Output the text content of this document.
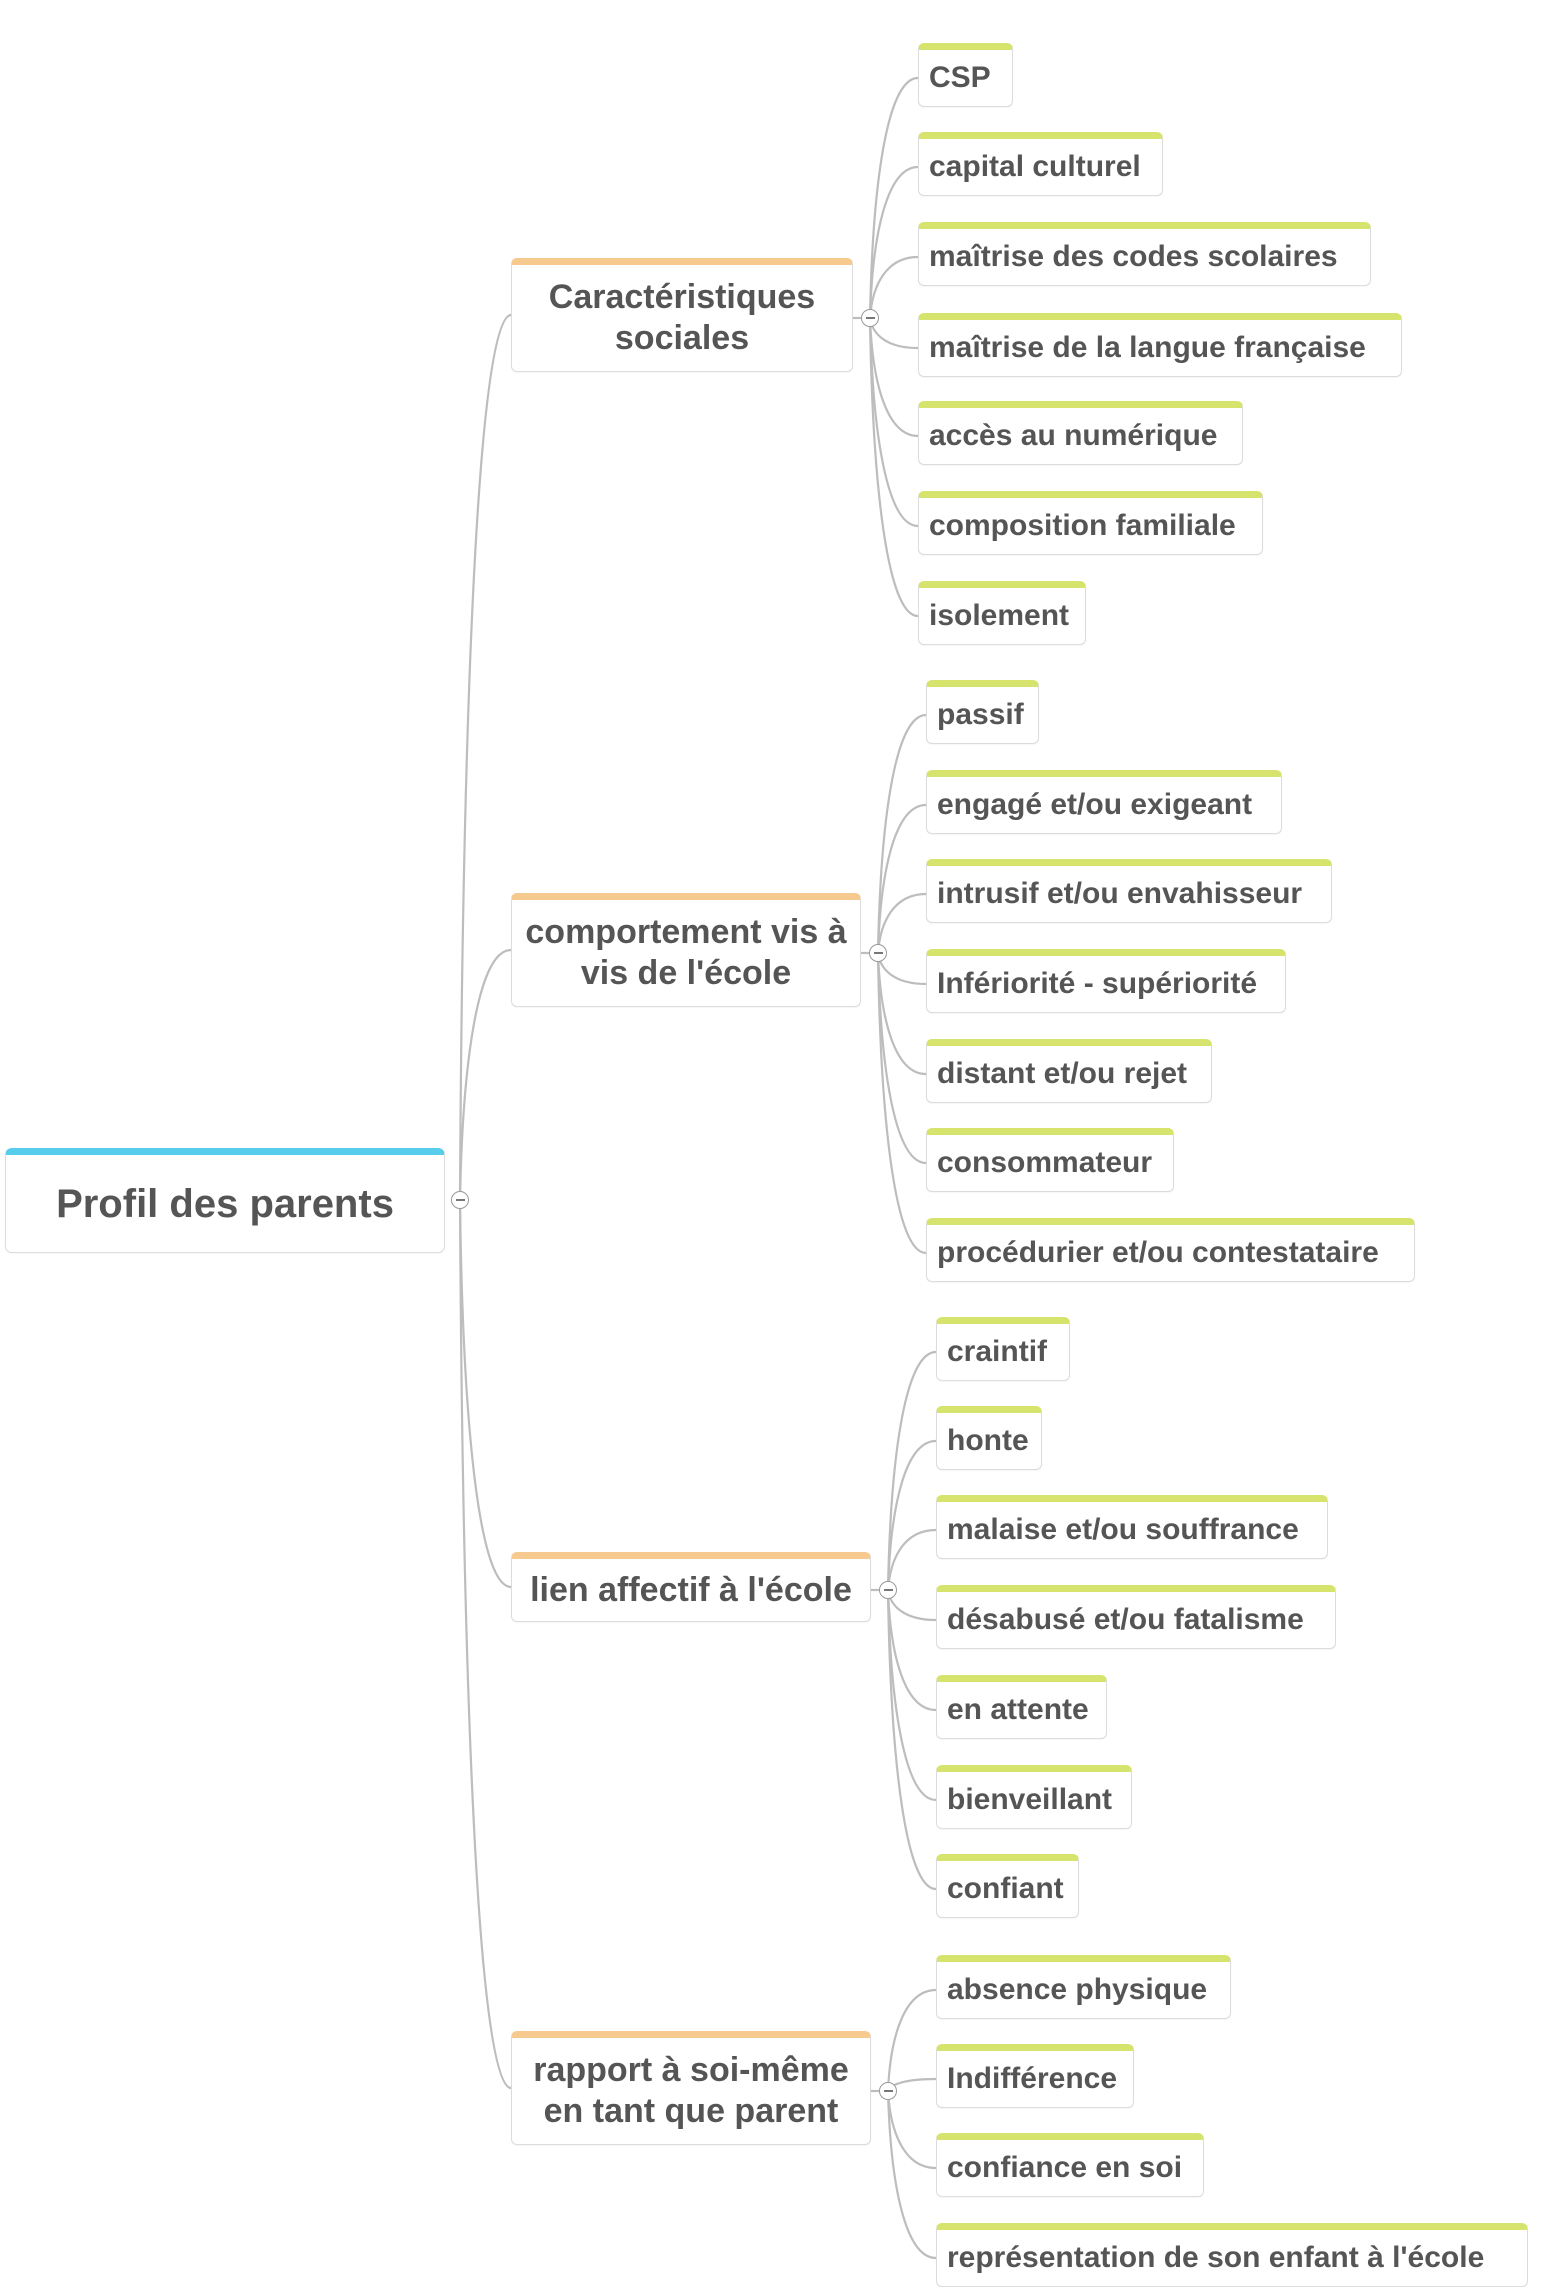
Profil des parents
Caractéristiques sociales
CSP
capital culturel
maîtrise des codes scolaires
maîtrise de la langue française
accès au numérique
composition familiale
isolement
comportement vis à vis de l'école
passif
engagé et/ou exigeant
intrusif et/ou envahisseur
Infériorité - supériorité
distant et/ou rejet
consommateur
procédurier et/ou contestataire
lien affectif à l'école
craintif
honte
malaise et/ou souffrance
désabusé et/ou fatalisme
en attente
bienveillant
confiant
rapport à soi-même en tant que parent
absence physique
Indifférence
confiance en soi
représentation de son enfant à l'école
